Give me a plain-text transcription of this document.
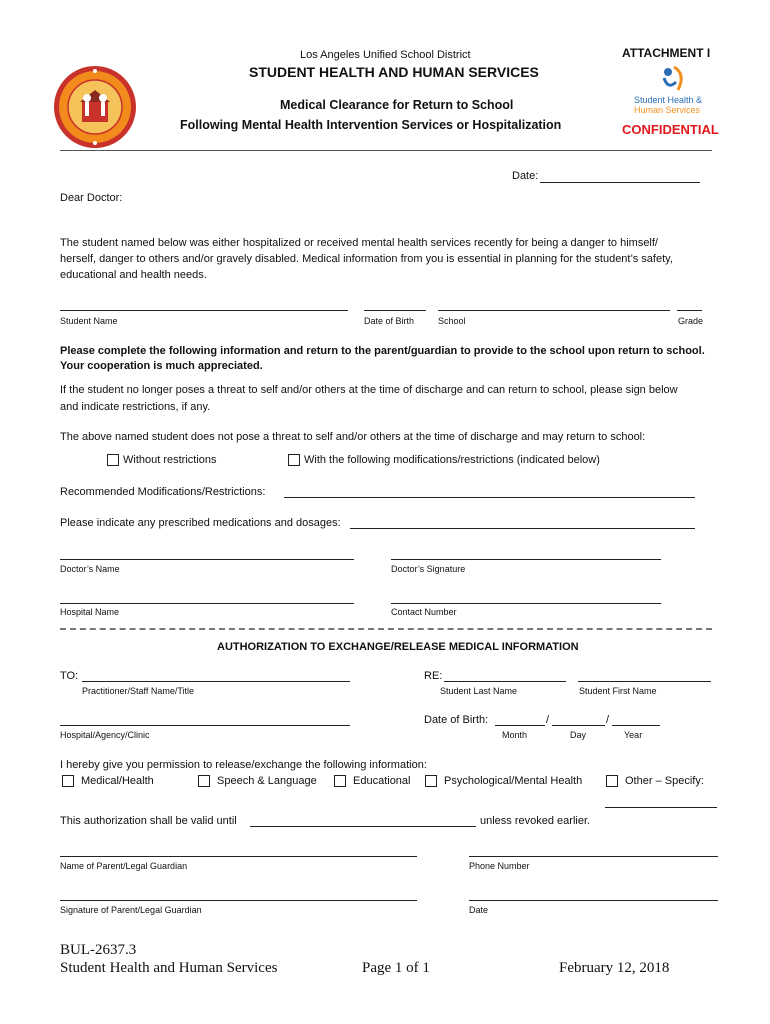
Los Angeles Unified School District
STUDENT HEALTH AND HUMAN SERVICES
Medical Clearance for Return to School
Following Mental Health Intervention Services or Hospitalization
ATTACHMENT I
Student Health &
Human Services
CONFIDENTIAL
Date:
Dear Doctor:
The student named below was either hospitalized or received mental health services recently for being a danger to himself/
herself, danger to others and/or gravely disabled. Medical information from you is essential in planning for the student’s safety,
educational and health needs.
Student Name	Date of Birth	School	Grade
Please complete the following information and return to the parent/guardian to provide to the school upon return to school.
Your cooperation is much appreciated.
If the student no longer poses a threat to self and/or others at the time of discharge and can return to school, please sign below
and indicate restrictions, if any.
The above named student does not pose a threat to self and/or others at the time of discharge and may return to school:
Without restrictions	With the following modifications/restrictions (indicated below)
Recommended Modifications/Restrictions:
Please indicate any prescribed medications and dosages:
Doctor’s Name	Doctor’s Signature
Hospital Name	Contact Number
AUTHORIZATION TO EXCHANGE/RELEASE MEDICAL INFORMATION
TO:
Practitioner/Staff Name/Title
RE:
Student Last Name	Student First Name
Hospital/Agency/Clinic
Date of Birth:	/	/
Month	Day	Year
I hereby give you permission to release/exchange the following information:
Medical/Health	Speech & Language	Educational	Psychological/Mental Health	Other – Specify:
This authorization shall be valid until	unless revoked earlier.
Name of Parent/Legal Guardian	Phone Number
Signature of Parent/Legal Guardian	Date
BUL-2637.3
Student Health and Human Services	Page 1 of 1	February 12, 2018
